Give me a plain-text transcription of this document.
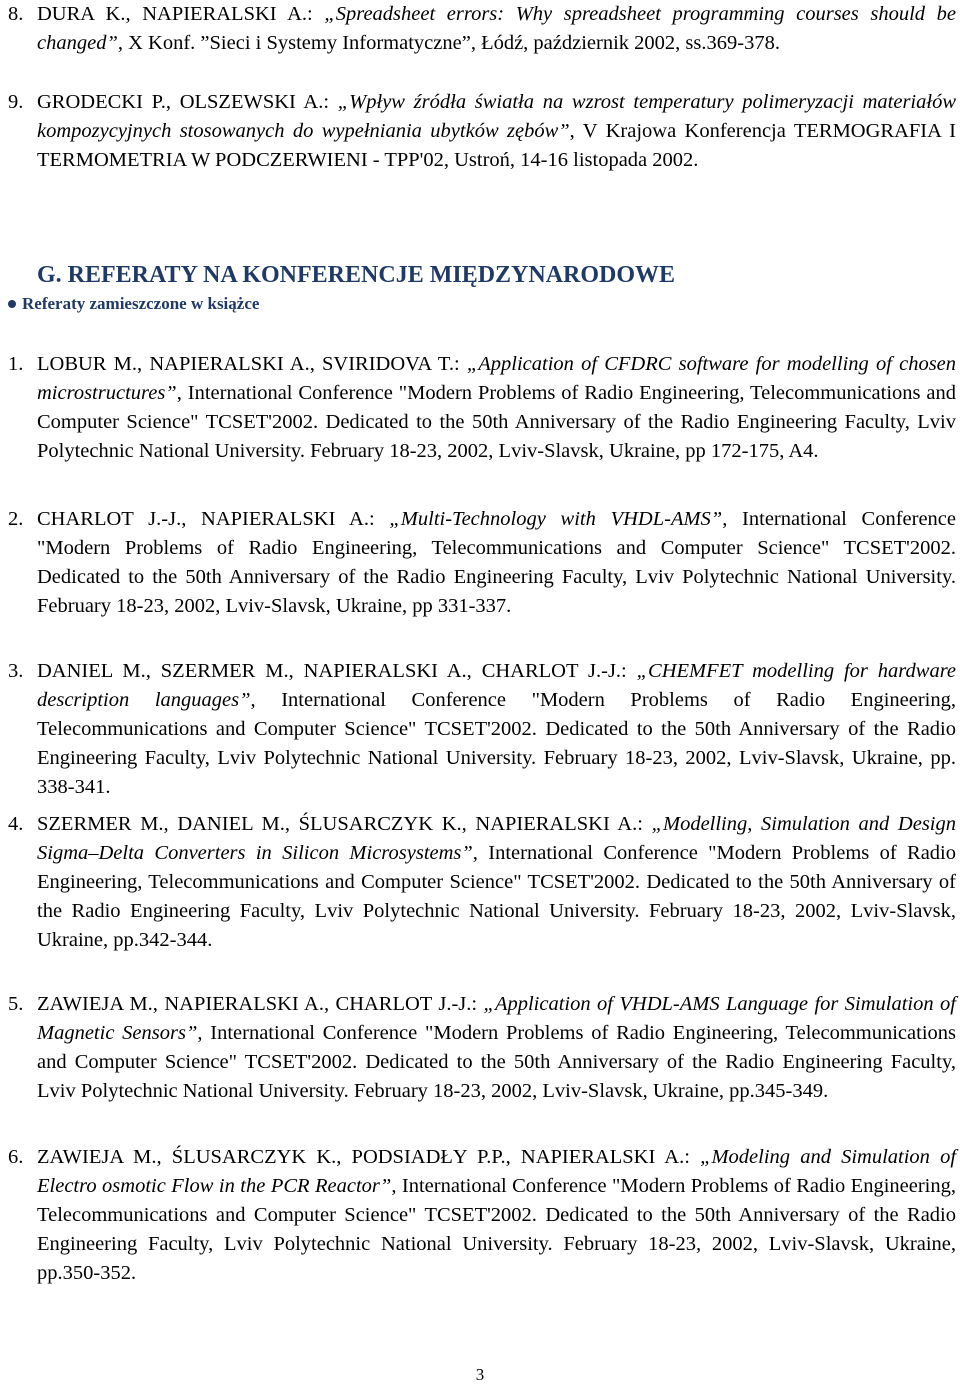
8. DURA K., NAPIERALSKI A.: „Spreadsheet errors: Why spreadsheet programming courses should be changed”, X Konf. ”Sieci i Systemy Informatyczne”, Łódź, październik 2002, ss.369-378.
9. GRODECKI P., OLSZEWSKI A.: „Wpływ źródła światła na wzrost temperatury polimeryzacji materiałów kompozycyjnych stosowanych do wypełniania ubytków zębów”, V Krajowa Konferencja TERMOGRAFIA I TERMOMETRIA W PODCZERWIENI - TPP'02, Ustroń, 14-16 listopada 2002.
G. REFERATY NA KONFERENCJE MIĘDZYNARODOWE
Referaty zamieszczone w książce
1. LOBUR M., NAPIERALSKI A., SVIRIDOVA T.: „Application of CFDRC software for modelling of chosen microstructures”, International Conference "Modern Problems of Radio Engineering, Telecommunications and Computer Science" TCSET'2002. Dedicated to the 50th Anniversary of the Radio Engineering Faculty, Lviv Polytechnic National University. February 18-23, 2002, Lviv-Slavsk, Ukraine, pp 172-175, A4.
2. CHARLOT J.-J., NAPIERALSKI A.: „Multi-Technology with VHDL-AMS”, International Conference "Modern Problems of Radio Engineering, Telecommunications and Computer Science" TCSET'2002. Dedicated to the 50th Anniversary of the Radio Engineering Faculty, Lviv Polytechnic National University. February 18-23, 2002, Lviv-Slavsk, Ukraine, pp 331-337.
3. DANIEL M., SZERMER M., NAPIERALSKI A., CHARLOT J.-J.: „CHEMFET modelling for hardware description languages”, International Conference "Modern Problems of Radio Engineering, Telecommunications and Computer Science" TCSET'2002. Dedicated to the 50th Anniversary of the Radio Engineering Faculty, Lviv Polytechnic National University. February 18-23, 2002, Lviv-Slavsk, Ukraine, pp. 338-341.
4. SZERMER M., DANIEL M., ŚLUSARCZYK K., NAPIERALSKI A.: „Modelling, Simulation and Design Sigma–Delta Converters in Silicon Microsystems”, International Conference "Modern Problems of Radio Engineering, Telecommunications and Computer Science" TCSET'2002. Dedicated to the 50th Anniversary of the Radio Engineering Faculty, Lviv Polytechnic National University. February 18-23, 2002, Lviv-Slavsk, Ukraine, pp.342-344.
5. ZAWIEJA M., NAPIERALSKI A., CHARLOT J.-J.: „Application of VHDL-AMS Language for Simulation of Magnetic Sensors”, International Conference "Modern Problems of Radio Engineering, Telecommunications and Computer Science" TCSET'2002. Dedicated to the 50th Anniversary of the Radio Engineering Faculty, Lviv Polytechnic National University. February 18-23, 2002, Lviv-Slavsk, Ukraine, pp.345-349.
6. ZAWIEJA M., ŚLUSARCZYK K., PODSIADŁY P.P., NAPIERALSKI A.: „Modeling and Simulation of Electro osmotic Flow in the PCR Reactor”, International Conference "Modern Problems of Radio Engineering, Telecommunications and Computer Science" TCSET'2002. Dedicated to the 50th Anniversary of the Radio Engineering Faculty, Lviv Polytechnic National University. February 18-23, 2002, Lviv-Slavsk, Ukraine, pp.350-352.
3
